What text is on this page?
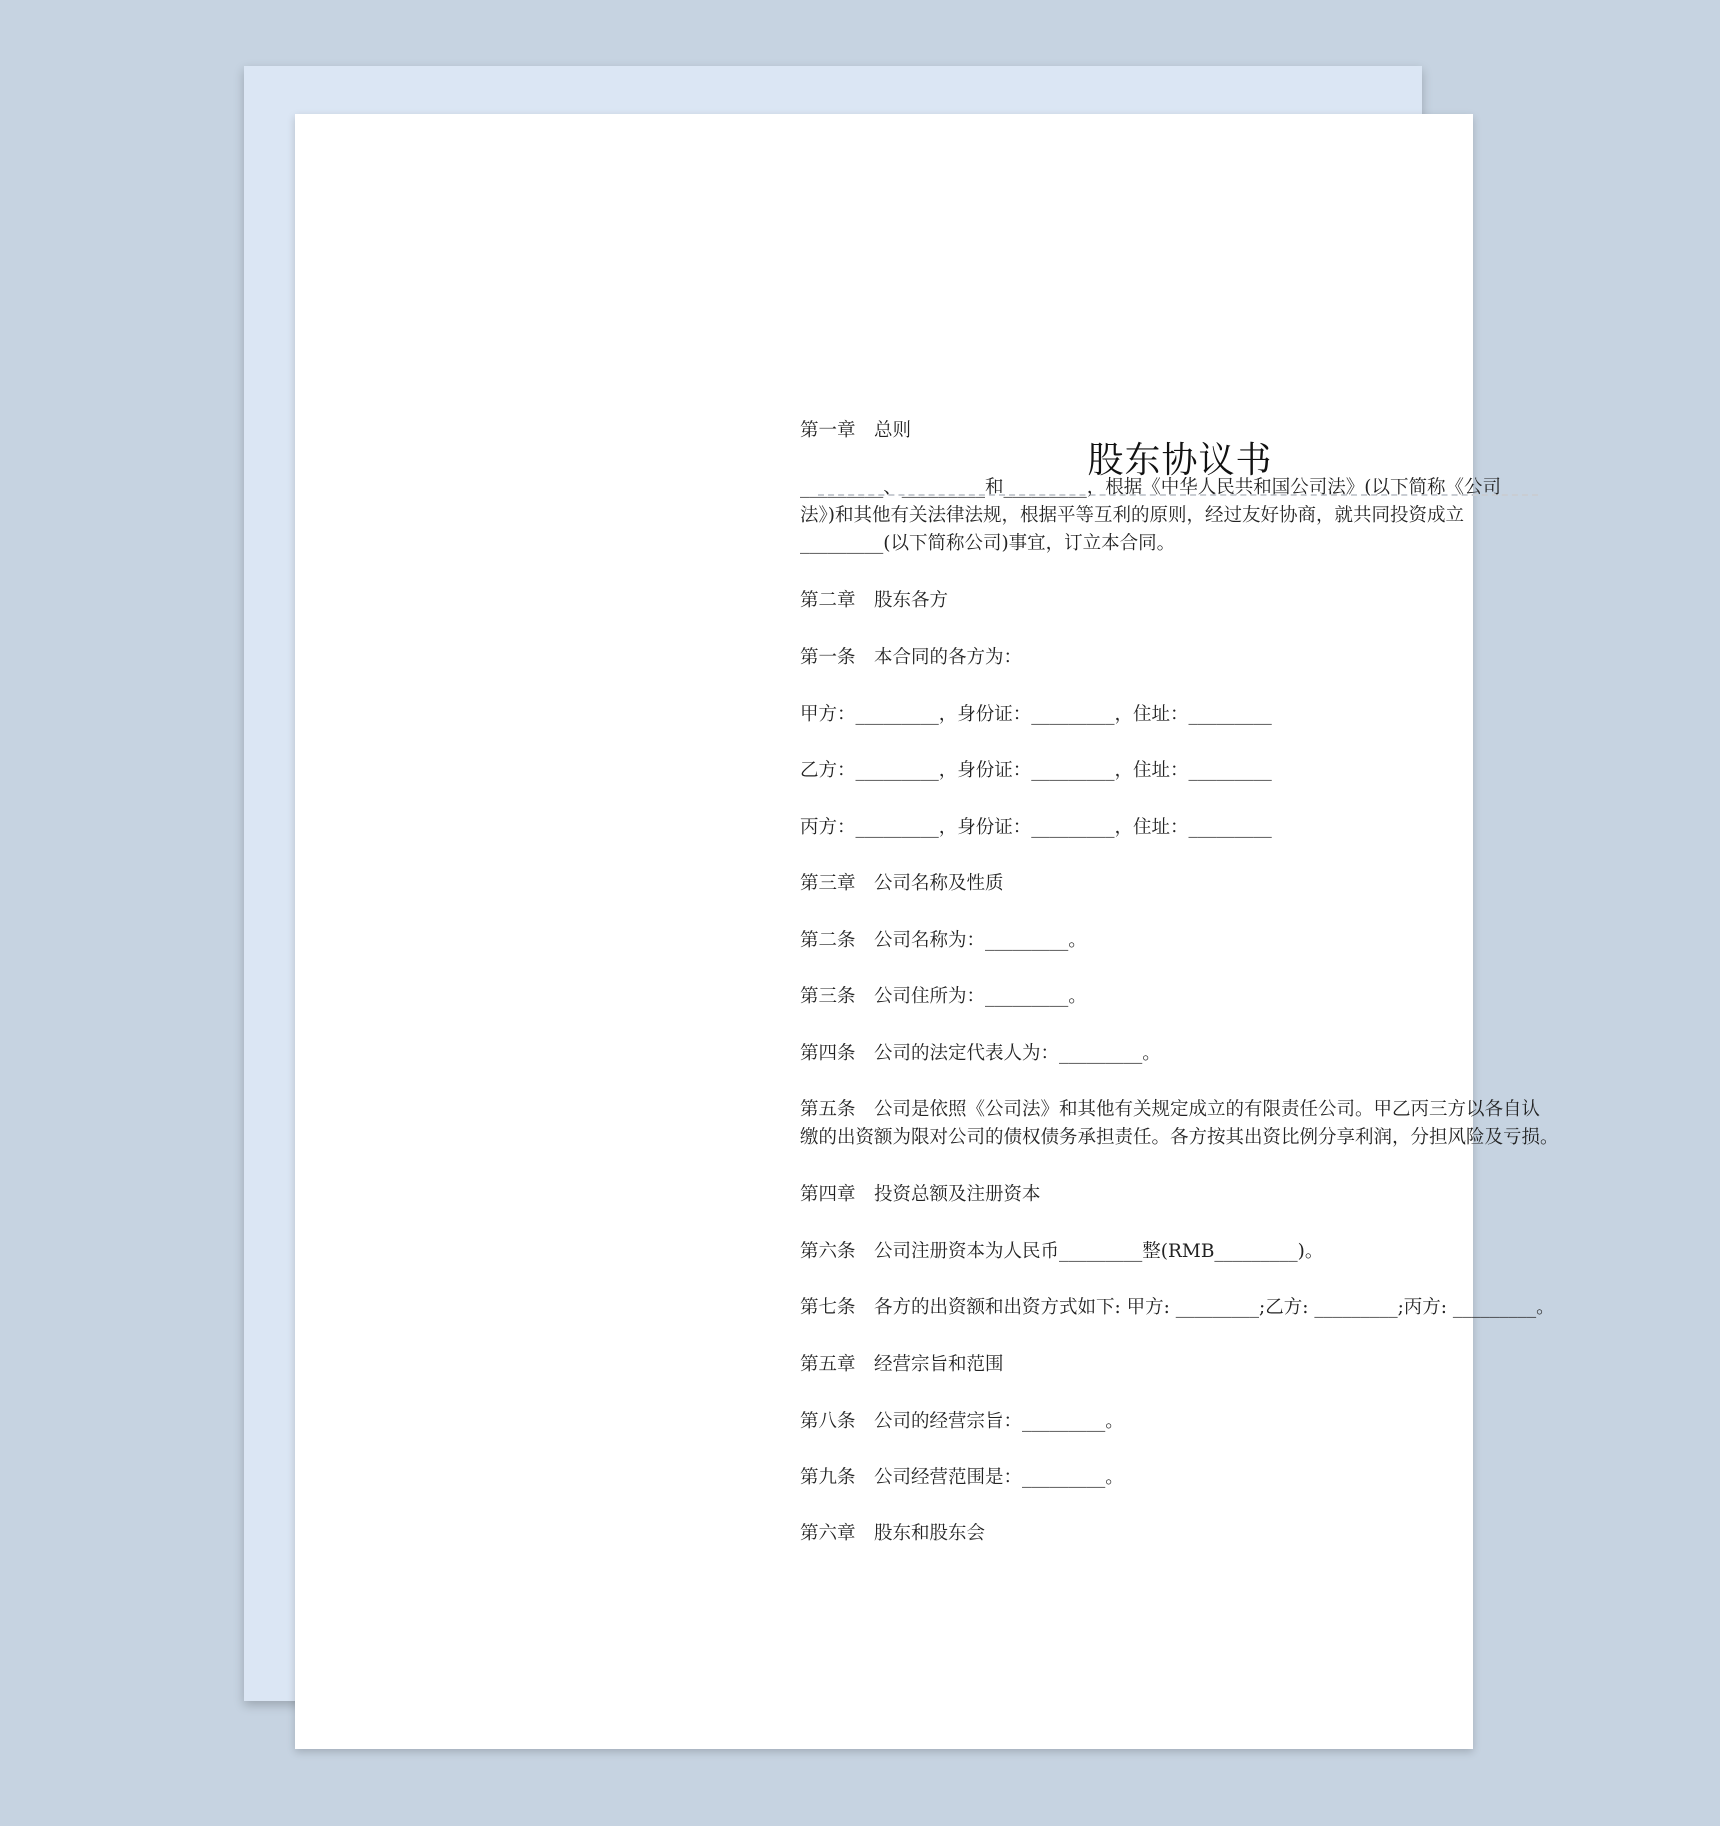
股东协议书
第一章　总则
_________、_________和_________，根据《中华人民共和国公司法》(以下简称《公司
法》)和其他有关法律法规，根据平等互利的原则，经过友好协商，就共同投资成立
_________(以下简称公司)事宜，订立本合同。
第二章　股东各方
第一条　本合同的各方为：
甲方：_________，身份证：_________，住址：_________
乙方：_________，身份证：_________，住址：_________
丙方：_________，身份证：_________，住址：_________
第三章　公司名称及性质
第二条　公司名称为：_________。
第三条　公司住所为：_________。
第四条　公司的法定代表人为：_________。
第五条　公司是依照《公司法》和其他有关规定成立的有限责任公司。甲乙丙三方以各自认
缴的出资额为限对公司的债权债务承担责任。各方按其出资比例分享利润，分担风险及亏损。
第四章　投资总额及注册资本
第六条　公司注册资本为人民币_________整(RMB_________)。
第七条　各方的出资额和出资方式如下: 甲方: _________;乙方: _________;丙方: _________。
第五章　经营宗旨和范围
第八条　公司的经营宗旨：_________。
第九条　公司经营范围是：_________。
第六章　股东和股东会
